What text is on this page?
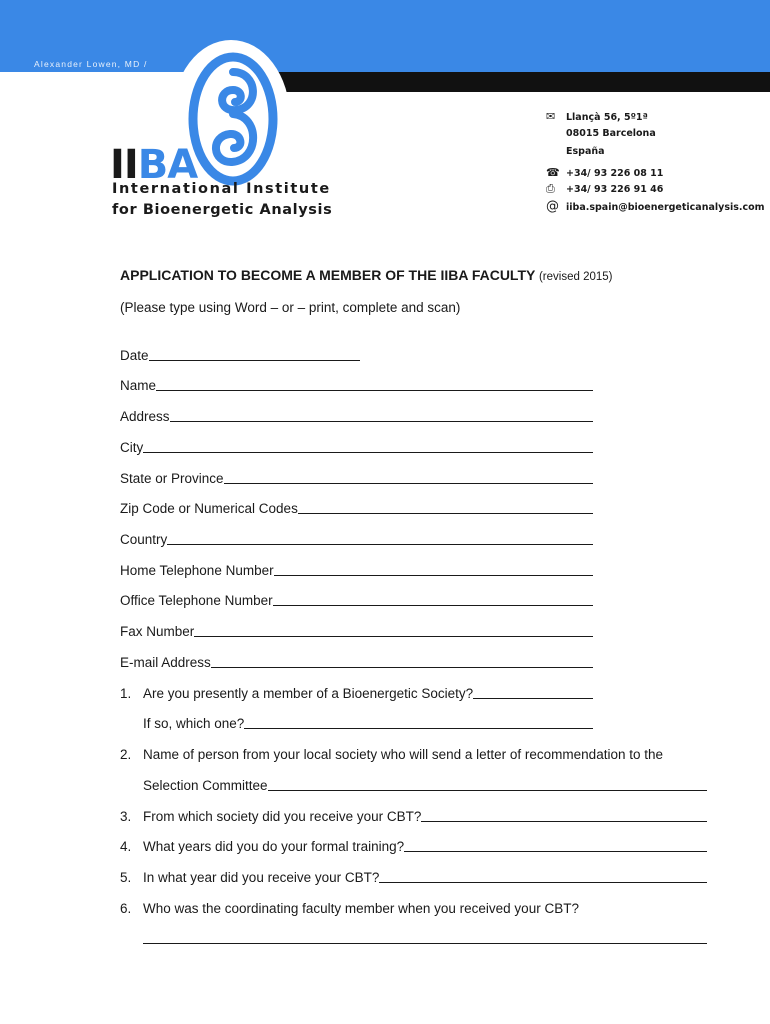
Alexander Lowen, MD /
IIBA
International Institute
for Bioenergetic Analysis
✉ Llançà 56, 5º1ª
08015 Barcelona
España
☎ +34/ 93 226 08 11
⎙ +34/ 93 226 91 46
@ iiba.spain@bioenergeticanalysis.com
APPLICATION TO BECOME A MEMBER OF THE IIBA FACULTY (revised 2015)
(Please type using Word – or – print, complete and scan)
Date
Name
Address
City
State or Province
Zip Code or Numerical Codes
Country
Home Telephone Number
Office Telephone Number
Fax Number
E-mail Address
1. Are you presently a member of a Bioenergetic Society?
If so, which one?
2. Name of person from your local society who will send a letter of recommendation to the
Selection Committee
3. From which society did you receive your CBT?
4. What years did you do your formal training?
5. In what year did you receive your CBT?
6. Who was the coordinating faculty member when you received your CBT?
